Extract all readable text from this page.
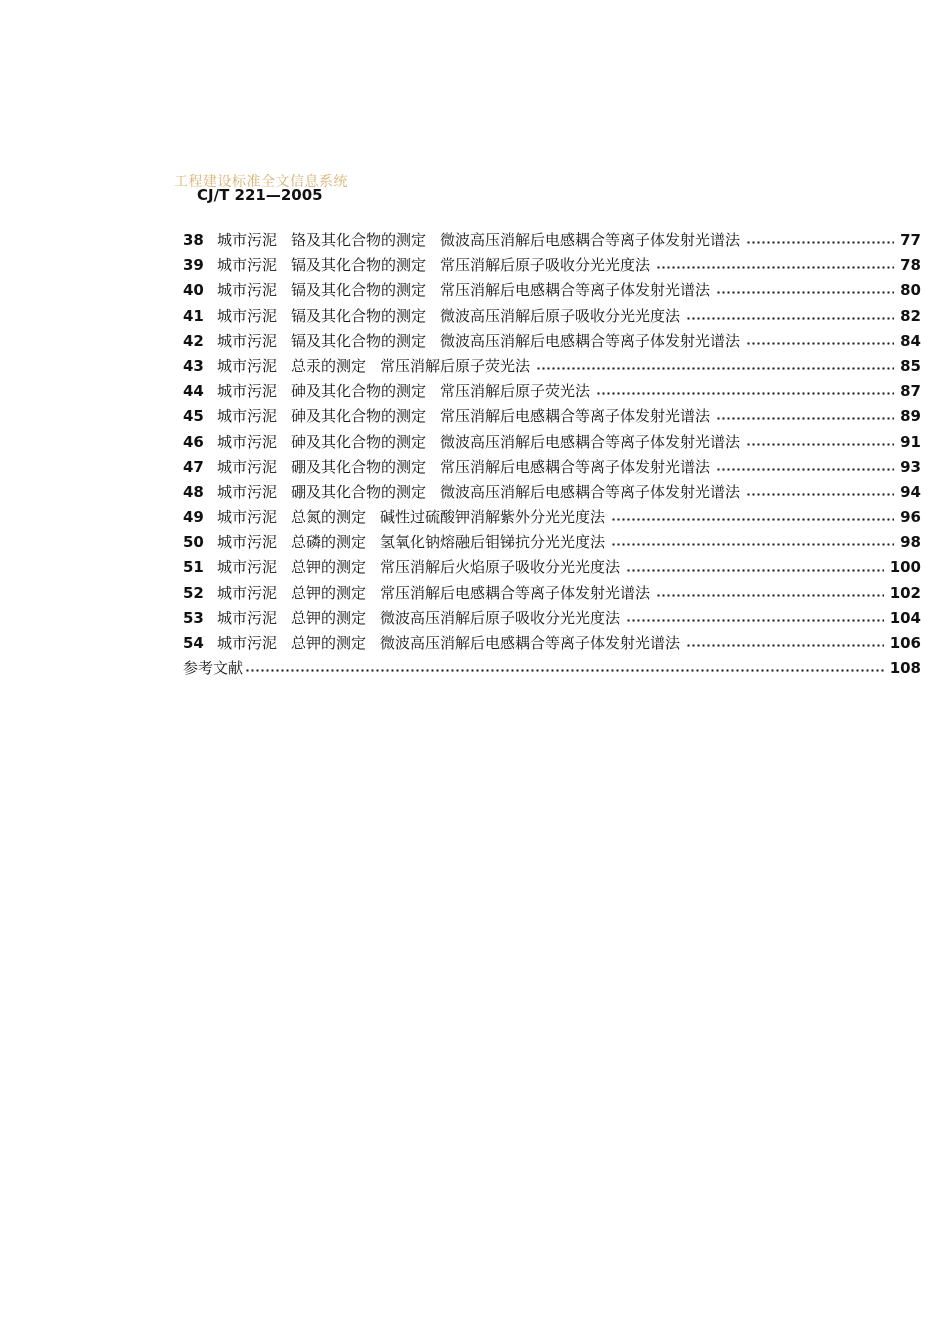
工程建设标准全文信息系统
CJ/T 221—2005
38 城市污泥 铬及其化合物的测定 微波高压消解后电感耦合等离子体发射光谱法	77
39 城市污泥 镉及其化合物的测定 常压消解后原子吸收分光光度法	78
40 城市污泥 镉及其化合物的测定 常压消解后电感耦合等离子体发射光谱法	80
41 城市污泥 镉及其化合物的测定 微波高压消解后原子吸收分光光度法	82
42 城市污泥 镉及其化合物的测定 微波高压消解后电感耦合等离子体发射光谱法	84
43 城市污泥 总汞的测定 常压消解后原子荧光法	85
44 城市污泥 砷及其化合物的测定 常压消解后原子荧光法	87
45 城市污泥 砷及其化合物的测定 常压消解后电感耦合等离子体发射光谱法	89
46 城市污泥 砷及其化合物的测定 微波高压消解后电感耦合等离子体发射光谱法	91
47 城市污泥 硼及其化合物的测定 常压消解后电感耦合等离子体发射光谱法	93
48 城市污泥 硼及其化合物的测定 微波高压消解后电感耦合等离子体发射光谱法	94
49 城市污泥 总氮的测定 碱性过硫酸钾消解紫外分光光度法	96
50 城市污泥 总磷的测定 氢氧化钠熔融后钼锑抗分光光度法	98
51 城市污泥 总钾的测定 常压消解后火焰原子吸收分光光度法	100
52 城市污泥 总钾的测定 常压消解后电感耦合等离子体发射光谱法	102
53 城市污泥 总钾的测定 微波高压消解后原子吸收分光光度法	104
54 城市污泥 总钾的测定 微波高压消解后电感耦合等离子体发射光谱法	106
参考文献	108
